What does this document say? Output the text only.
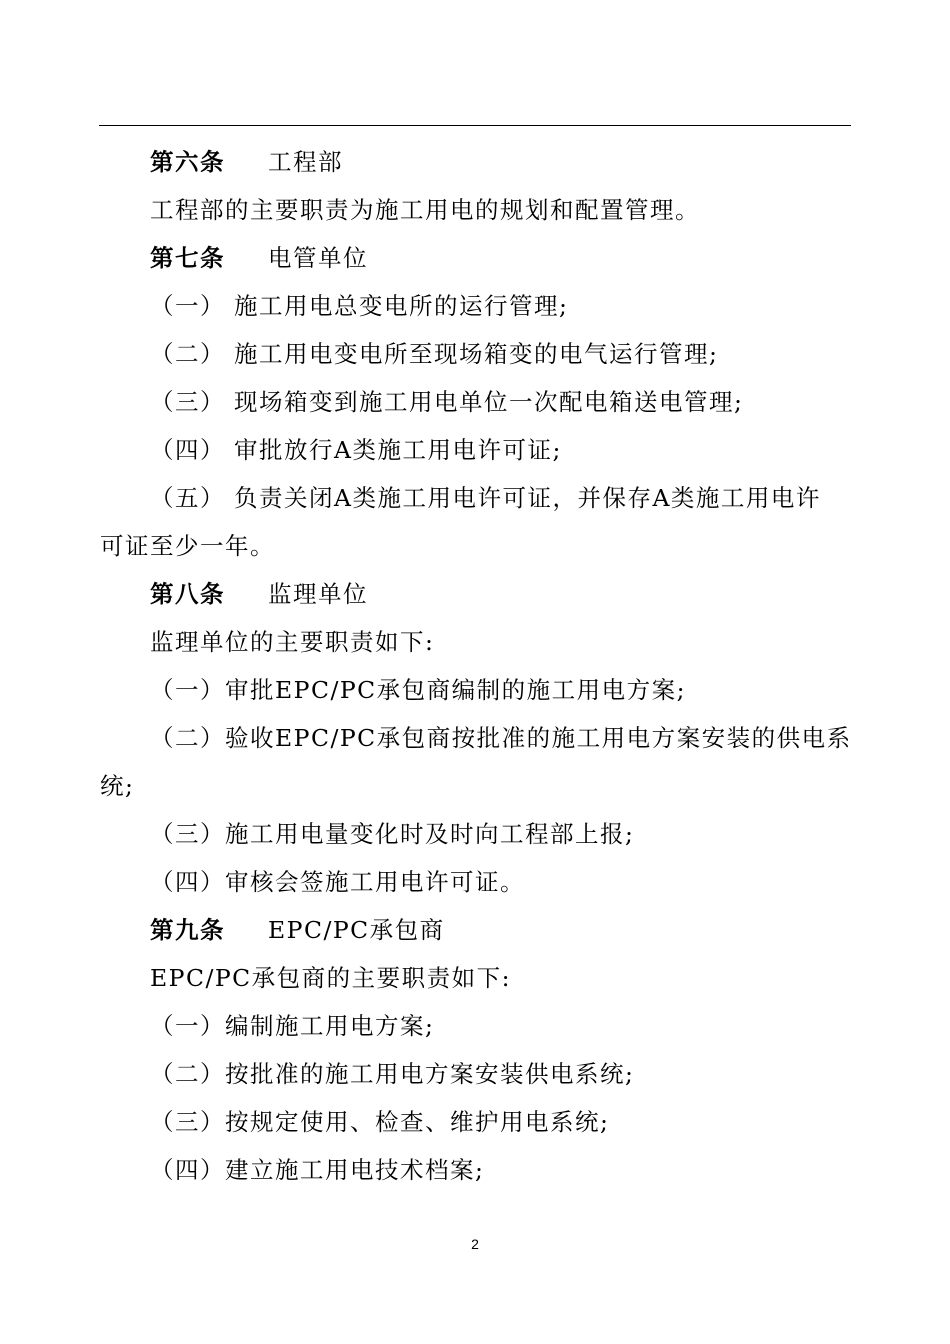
第六条 工程部
工程部的主要职责为施工用电的规划和配置管理。
第七条 电管单位
（一） 施工用电总变电所的运行管理;
（二） 施工用电变电所至现场箱变的电气运行管理;
（三） 现场箱变到施工用电单位一次配电箱送电管理;
（四） 审批放行A类施工用电许可证;
（五） 负责关闭A类施工用电许可证，并保存A类施工用电许
可证至少一年。
第八条 监理单位
监理单位的主要职责如下:
（一）审批EPC/PC承包商编制的施工用电方案;
（二）验收EPC/PC承包商按批准的施工用电方案安装的供电系
统;
（三）施工用电量变化时及时向工程部上报;
（四）审核会签施工用电许可证。
第九条 EPC/PC承包商
EPC/PC承包商的主要职责如下:
（一）编制施工用电方案;
（二）按批准的施工用电方案安装供电系统;
（三）按规定使用、检查、维护用电系统;
（四）建立施工用电技术档案;
2
